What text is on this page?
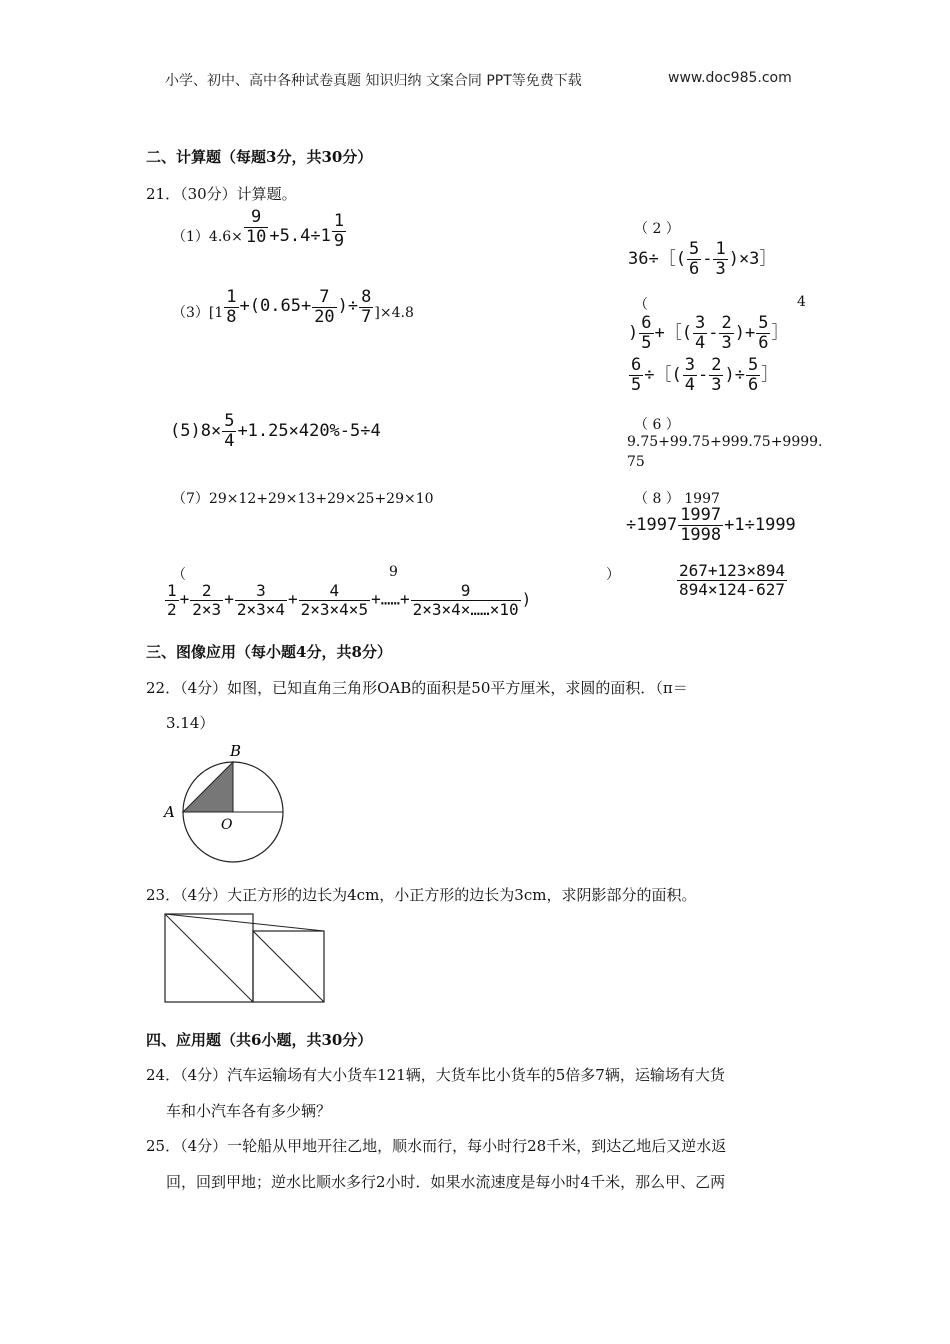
小学、初中、高中各种试卷真题 知识归纳 文案合同 PPT等免费下载	www.doc985.com
二、计算题（每题3分，共30分）
21．（30分）计算题。
$(1)4.6\times \frac{9}{10} +5.4\div 1 \frac{1}{9}$	（ 2 ）
36÷［( $\frac{5}{6} - \frac{1}{3}$ )×3］
$(3)[1 \frac{1}{8} +(0.65+ \frac{7}{20}$ )÷ $\frac{8}{7} ]\times 4.8$
（	4
) $\frac{6}{5}$ +［( $\frac{3}{4} - \frac{2}{3}$ )+ $\frac{5}{6}$ ］
$\frac{6}{5}$ ÷［( $\frac{3}{4} - \frac{2}{3}$ )÷ $\frac{5}{6}$ ］
$(5)8\times \frac{5}{4} +1.25\times 420\%-5\div 4$	（ 6 ）
9.75+99.75+999.75+9999.
75
（7）29×12+29×13+29×25+29×10	（ 8 ） 1997
$\div 1997 \frac{1997}{1998} +1\div 1999$
（	9	）
$\frac{1}{2} + \frac{2}{2\times 3} + \frac{3}{2\times 3\times 4} + \frac{4}{2\times 3\times 4\times 5}$ +……+ $\frac{9}{2\times 3\times 4\times\dots\dots\times 10}$ )
$\frac{267+123\times 894}{894\times 124-627}$
三、图像应用（每小题4分，共8分）
22．（4分）如图，已知直角三角形OAB的面积是50平方厘米，求圆的面积．（π＝
3.14）
B
A
O
23．（4分）大正方形的边长为4cm，小正方形的边长为3cm，求阴影部分的面积。
四、应用题（共6小题，共30分）
24．（4分）汽车运输场有大小货车121辆，大货车比小货车的5倍多7辆，运输场有大货
车和小汽车各有多少辆？
25．（4分）一轮船从甲地开往乙地，顺水而行，每小时行28千米，到达乙地后又逆水返
回，回到甲地；逆水比顺水多行2小时．如果水流速度是每小时4千米，那么甲、乙两
